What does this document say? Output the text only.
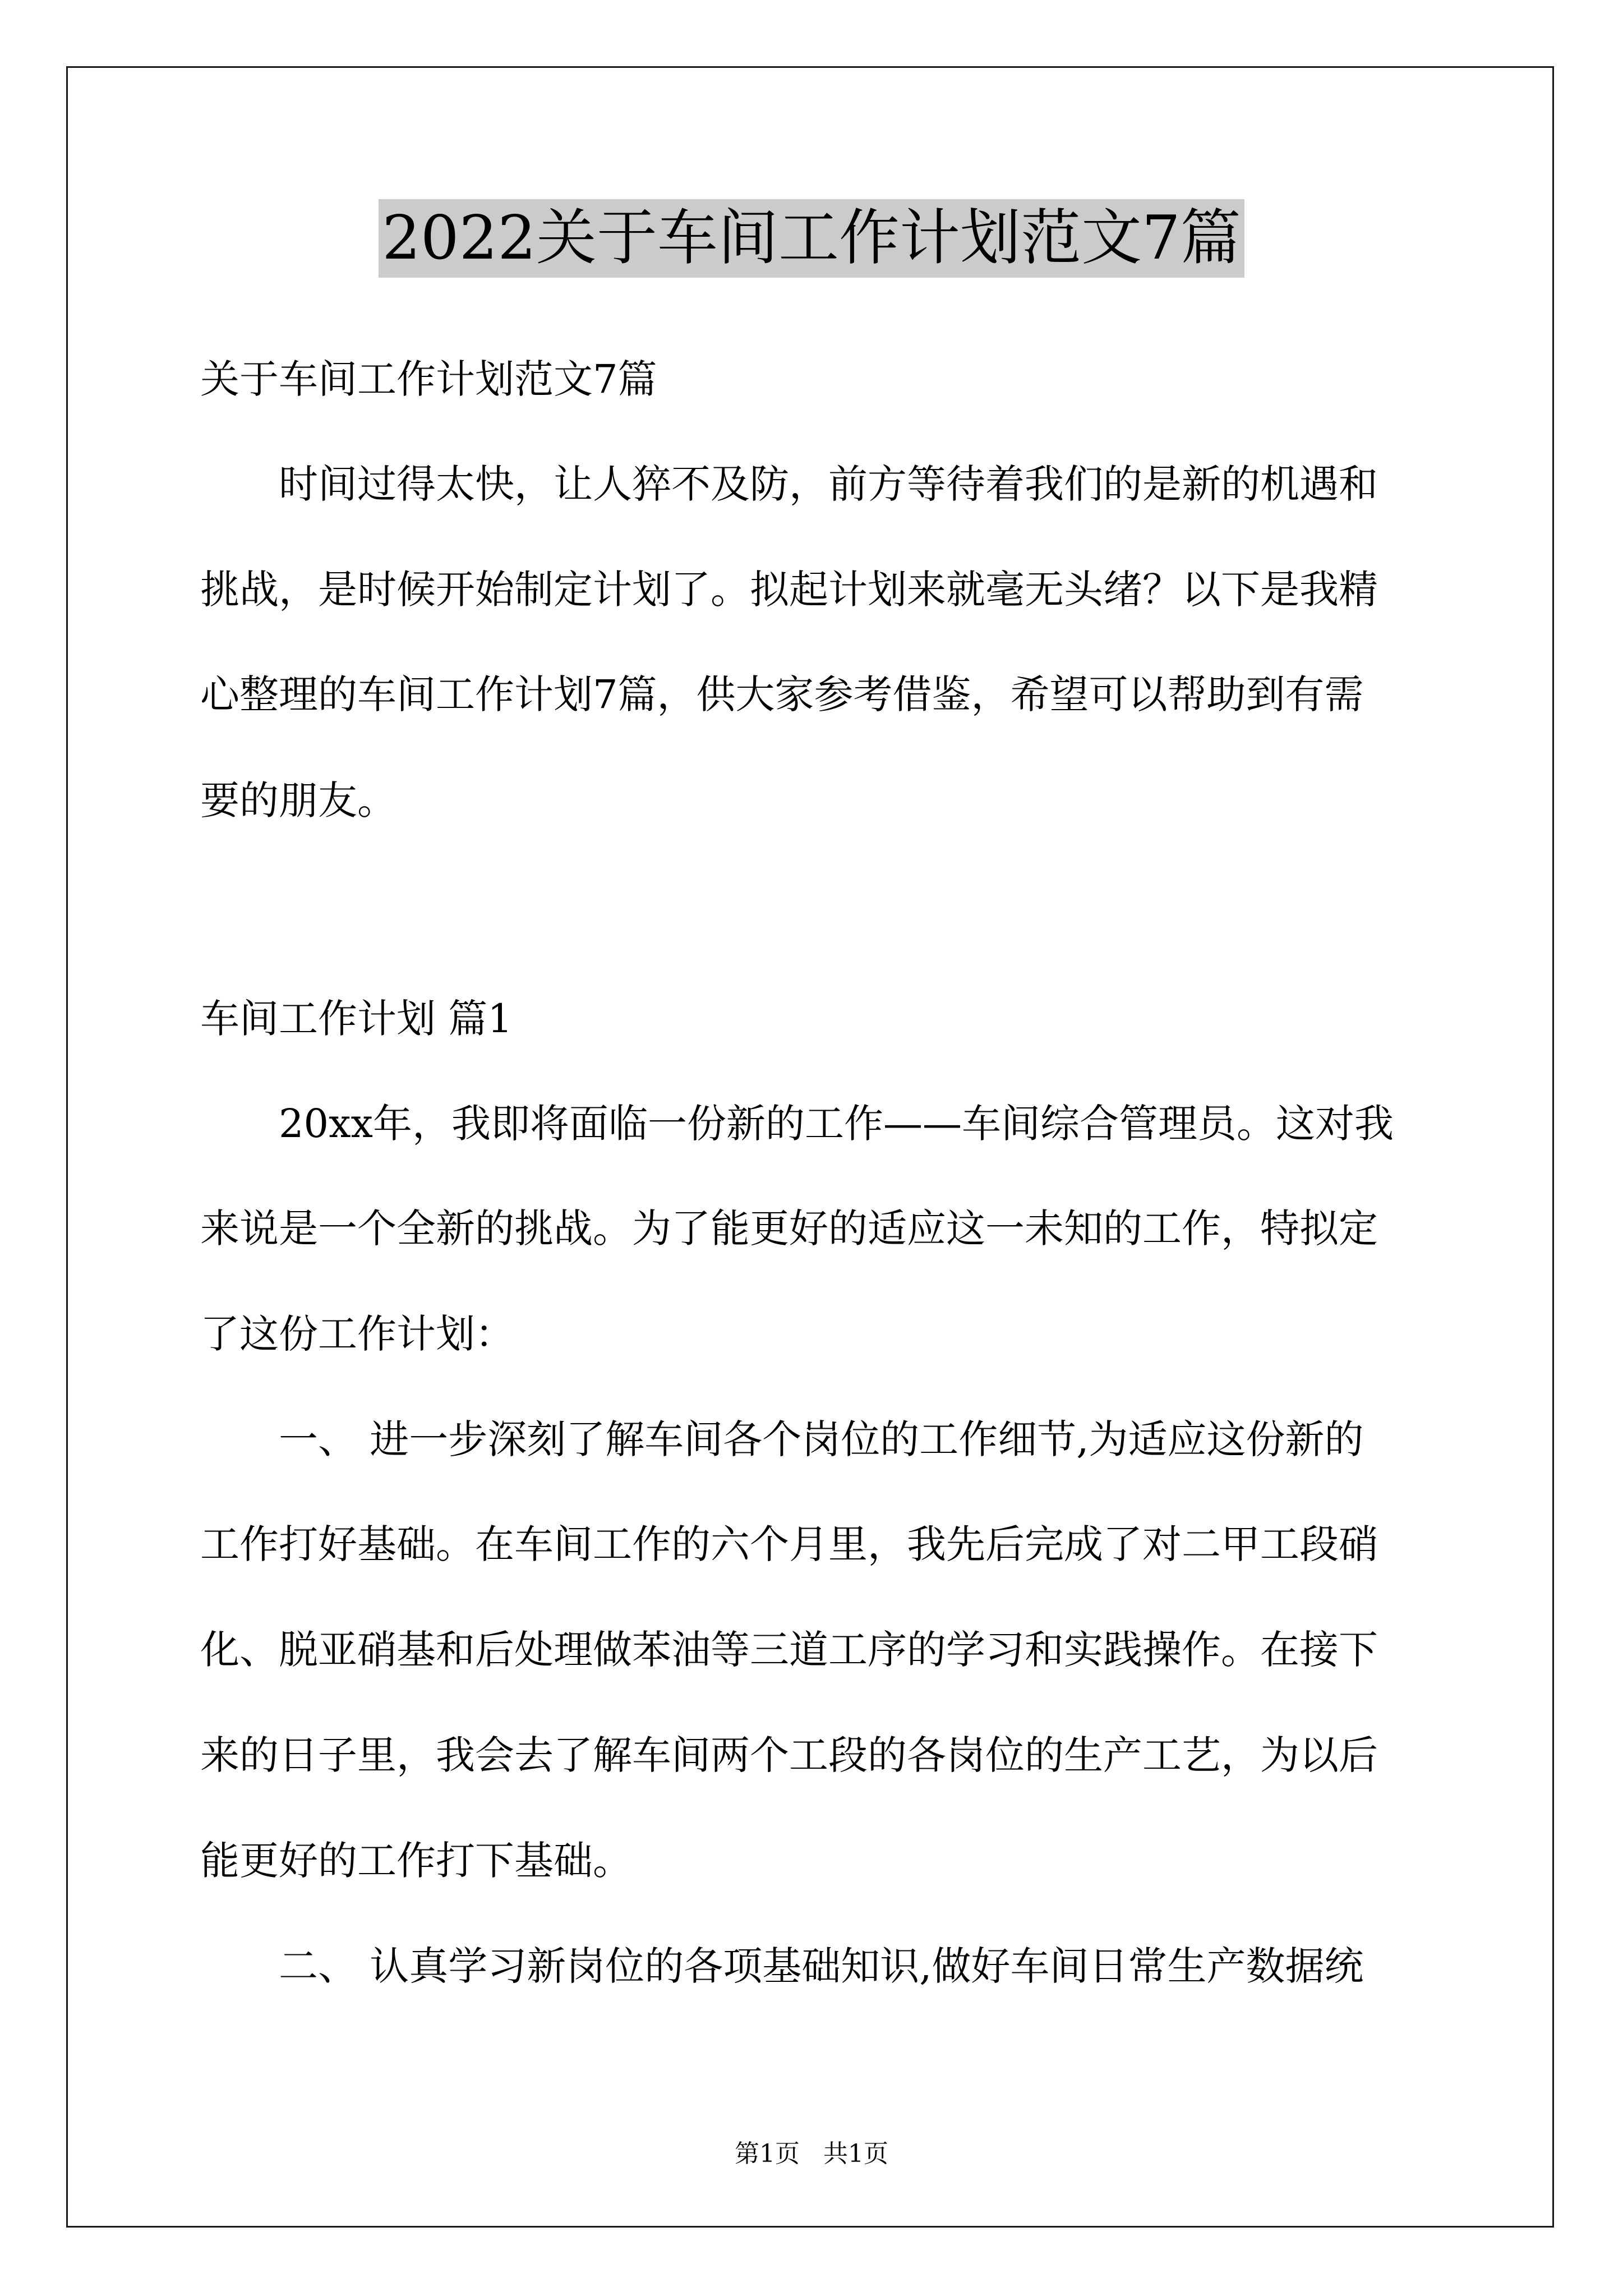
2022关于车间工作计划范文7篇
关于车间工作计划范文7篇
时间过得太快，让人猝不及防，前方等待着我们的是新的机遇和
挑战，是时候开始制定计划了。拟起计划来就毫无头绪？以下是我精
心整理的车间工作计划7篇，供大家参考借鉴，希望可以帮助到有需
要的朋友。
车间工作计划 篇1
20xx年，我即将面临一份新的工作——车间综合管理员。这对我
来说是一个全新的挑战。为了能更好的适应这一未知的工作，特拟定
了这份工作计划：
一、 进一步深刻了解车间各个岗位的工作细节,为适应这份新的
工作打好基础。在车间工作的六个月里，我先后完成了对二甲工段硝
化、脱亚硝基和后处理做苯油等三道工序的学习和实践操作。在接下
来的日子里，我会去了解车间两个工段的各岗位的生产工艺，为以后
能更好的工作打下基础。
二、 认真学习新岗位的各项基础知识,做好车间日常生产数据统
第1页   共1页
